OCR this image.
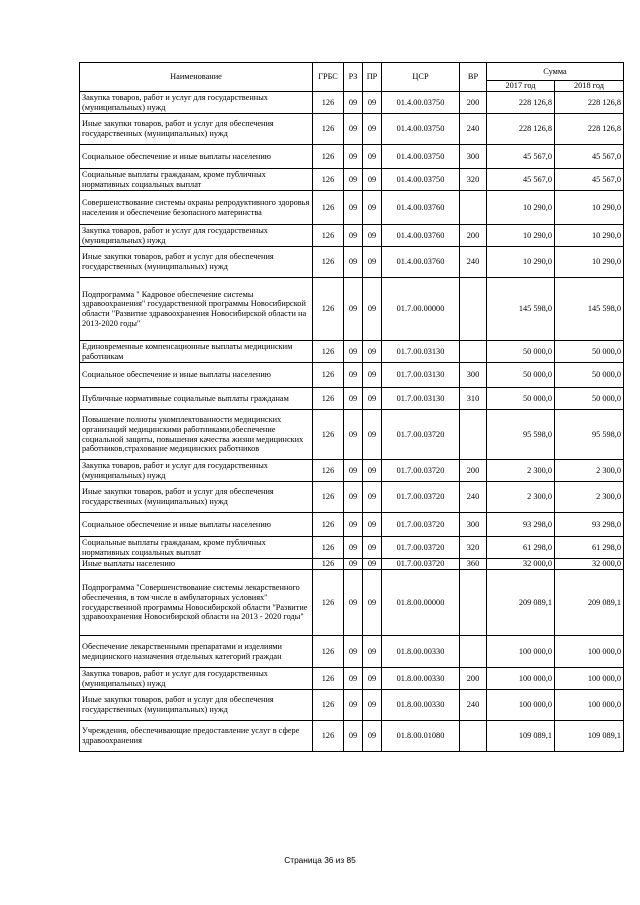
Наименование	ГРБС	РЗ	ПР	ЦСР	ВР	Сумма	
						2017 год	2018 год
Закупка товаров, работ и услуг для государственных (муниципальных) нужд	126	09	09	01.4.00.03750	200	228 126,8	228 126,8
Иные закупки товаров, работ и услуг для обеспечения государственных (муниципальных) нужд	126	09	09	01.4.00.03750	240	228 126,8	228 126,8
Социальное обеспечение и иные выплаты населению	126	09	09	01.4.00.03750	300	45 567,0	45 567,0
Социальные выплаты гражданам, кроме публичных нормативных социальных выплат	126	09	09	01.4.00.03750	320	45 567,0	45 567,0
Совершенствование системы охраны репродуктивного здоровья населения и обеспечение безопасного материнства	126	09	09	01.4.00.03760		10 290,0	10 290,0
Закупка товаров, работ и услуг для государственных (муниципальных) нужд	126	09	09	01.4.00.03760	200	10 290,0	10 290,0
Иные закупки товаров, работ и услуг для обеспечения государственных (муниципальных) нужд	126	09	09	01.4.00.03760	240	10 290,0	10 290,0
Подпрограмма " Кадровое обеспечение системы здравоохранения" государственной программы Новосибирской области "Развитие здравоохранения Новосибирской области на 2013-2020 годы"	126	09	09	01.7.00.00000		145 598,0	145 598,0
Единовременные компенсационные выплаты медицинским работникам	126	09	09	01.7.00.03130		50 000,0	50 000,0
Социальное обеспечение и иные выплаты населению	126	09	09	01.7.00.03130	300	50 000,0	50 000,0
Публичные нормативные социальные выплаты гражданам	126	09	09	01.7.00.03130	310	50 000,0	50 000,0
Повышение полноты укомплектованности медицинских организаций медицинскими работниками,обеспечение социальной защиты, повышения качества жизни медицинских работников,страхование медицинских работников	126	09	09	01.7.00.03720		95 598,0	95 598,0
Закупка товаров, работ и услуг для государственных (муниципальных) нужд	126	09	09	01.7.00.03720	200	2 300,0	2 300,0
Иные закупки товаров, работ и услуг для обеспечения государственных (муниципальных) нужд	126	09	09	01.7.00.03720	240	2 300,0	2 300,0
Социальное обеспечение и иные выплаты населению	126	09	09	01.7.00.03720	300	93 298,0	93 298,0
Социальные выплаты гражданам, кроме публичных нормативных социальных выплат	126	09	09	01.7.00.03720	320	61 298,0	61 298,0
Иные выплаты населению	126	09	09	01.7.00.03720	360	32 000,0	32 000,0
Подпрограмма "Совершенствование системы лекарственного обеспечения, в том числе в амбулаторных условиях" государственной программы Новосибирской области "Развитие здравоохранения Новосибирской области на 2013 - 2020 годы"	126	09	09	01.8.00.00000		209 089,1	209 089,1
Обеспечение лекарственными препаратами и изделиями медицинского назначения отдельных категорий граждан	126	09	09	01.8.00.00330		100 000,0	100 000,0
Закупка товаров, работ и услуг для государственных (муниципальных) нужд	126	09	09	01.8.00.00330	200	100 000,0	100 000,0
Иные закупки товаров, работ и услуг для обеспечения государственных (муниципальных) нужд	126	09	09	01.8.00.00330	240	100 000,0	100 000,0
Учреждения, обеспечивающие предоставление услуг в сфере здравоохранения	126	09	09	01.8.00.01080		109 089,1	109 089,1
Страница 36 из 85
